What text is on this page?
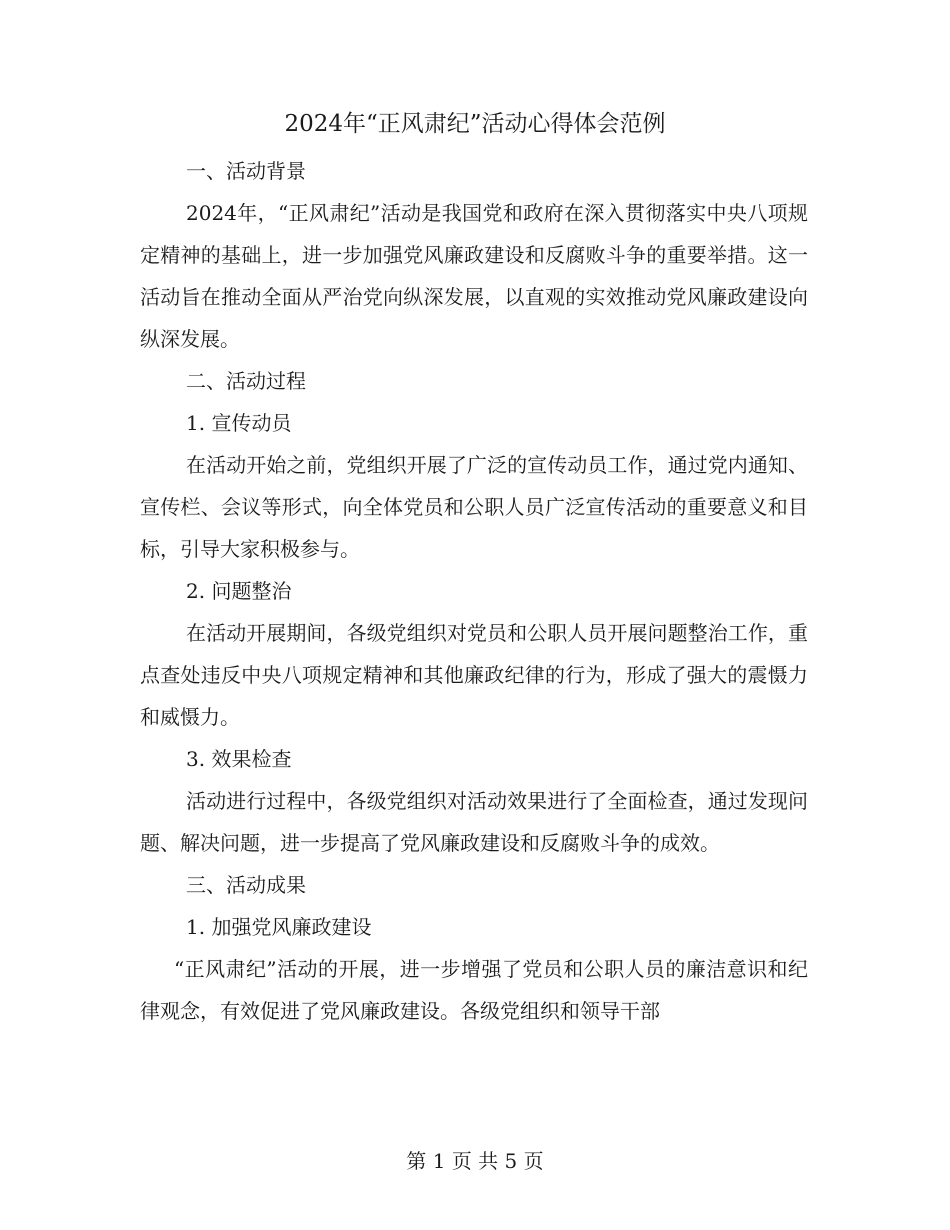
2024年“正风肃纪”活动心得体会范例

一、活动背景

2024年，“正风肃纪”活动是我国党和政府在深入贯彻落实中央八项规定精神的基础上，进一步加强党风廉政建设和反腐败斗争的重要举措。这一活动旨在推动全面从严治党向纵深发展，以直观的实效推动党风廉政建设向纵深发展。

二、活动过程

1. 宣传动员

在活动开始之前，党组织开展了广泛的宣传动员工作，通过党内通知、宣传栏、会议等形式，向全体党员和公职人员广泛宣传活动的重要意义和目标，引导大家积极参与。

2. 问题整治

在活动开展期间，各级党组织对党员和公职人员开展问题整治工作，重点查处违反中央八项规定精神和其他廉政纪律的行为，形成了强大的震慑力和威慑力。

3. 效果检查

活动进行过程中，各级党组织对活动效果进行了全面检查，通过发现问题、解决问题，进一步提高了党风廉政建设和反腐败斗争的成效。

三、活动成果

1. 加强党风廉政建设

“正风肃纪”活动的开展，进一步增强了党员和公职人员的廉洁意识和纪律观念，有效促进了党风廉政建设。各级党组织和领导干部

第 1 页 共 5 页
